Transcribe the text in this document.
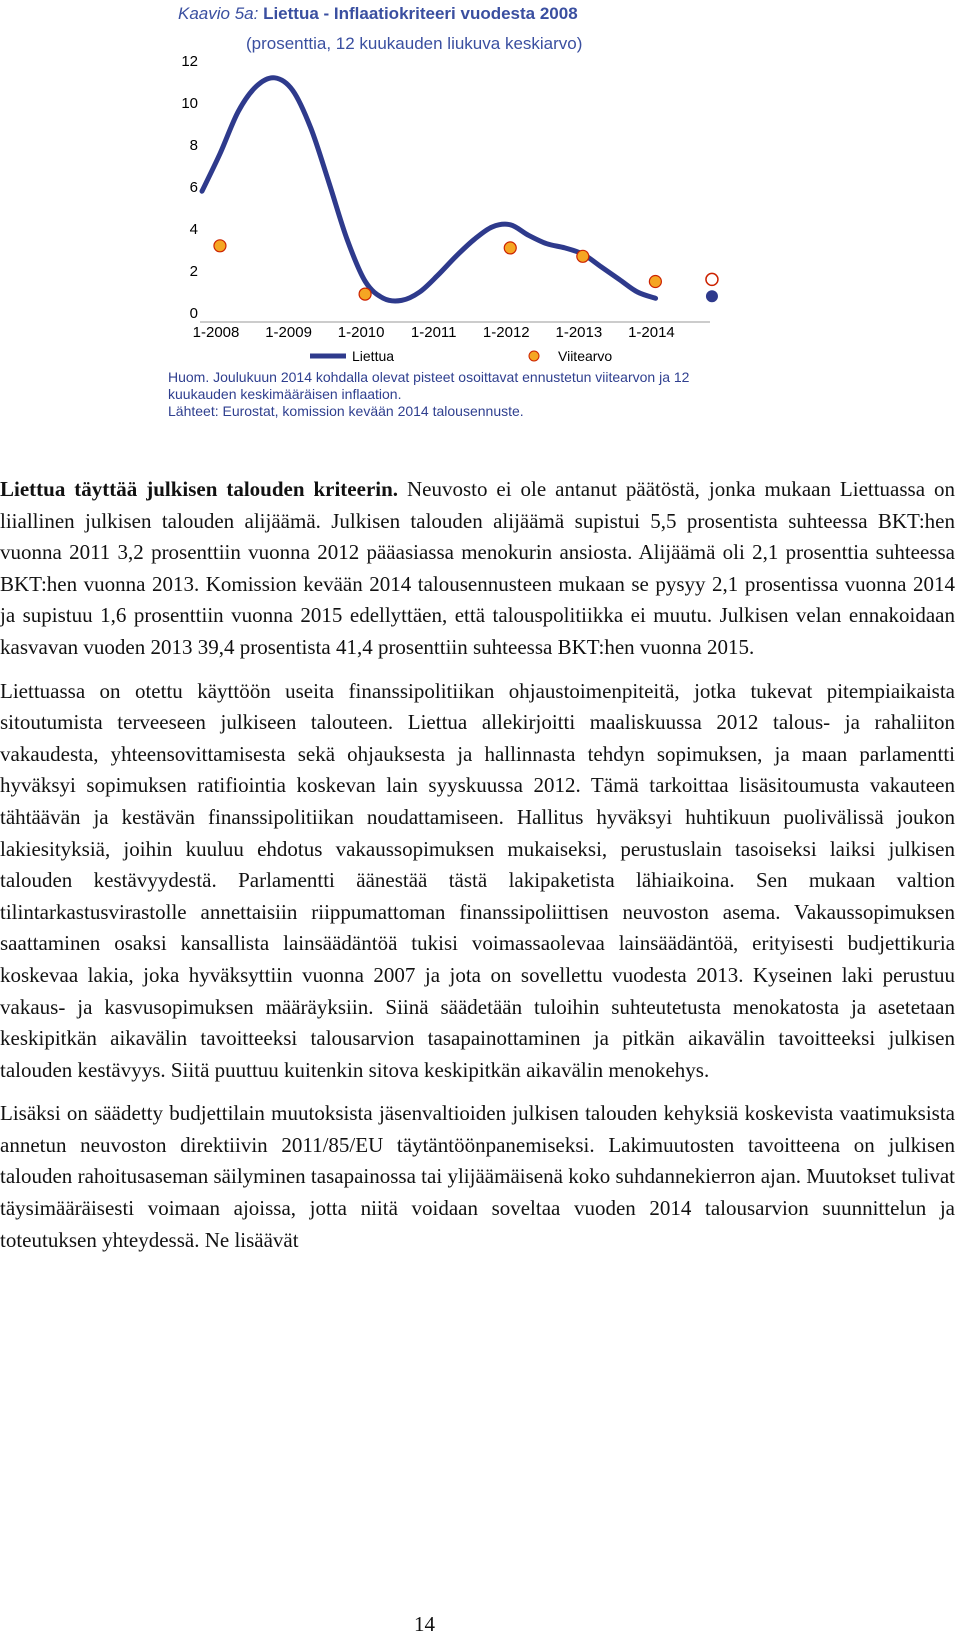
Kaavio 5a: Liettua - Inflaatiokriteeri vuodesta 2008
(prosenttia, 12 kuukauden liukuva keskiarvo)
0
2
4
6
8
10
12
1-2008 1-2009 1-2010 1-2011 1-2012 1-2013 1-2014
Liettua	Viitearvo
Huom. Joulukuun 2014 kohdalla olevat pisteet osoittavat ennustetun viitearvon ja 12 kuukauden keskimääräisen inflaation.
Lähteet: Eurostat, komission kevään 2014 talousennuste.

Liettua täyttää julkisen talouden kriteerin. Neuvosto ei ole antanut päätöstä, jonka mukaan Liettuassa on liiallinen julkisen talouden alijäämä. Julkisen talouden alijäämä supistui 5,5 prosentista suhteessa BKT:hen vuonna 2011 3,2 prosenttiin vuonna 2012 pääasiassa menokurin ansiosta. Alijäämä oli 2,1 prosenttia suhteessa BKT:hen vuonna 2013. Komission kevään 2014 talousennusteen mukaan se pysyy 2,1 prosentissa vuonna 2014 ja supistuu 1,6 prosenttiin vuonna 2015 edellyttäen, että talouspolitiikka ei muutu. Julkisen velan ennakoidaan kasvavan vuoden 2013 39,4 prosentista 41,4 prosenttiin suhteessa BKT:hen vuonna 2015.

Liettuassa on otettu käyttöön useita finanssipolitiikan ohjaustoimenpiteitä, jotka tukevat pitempiaikaista sitoutumista terveeseen julkiseen talouteen. Liettua allekirjoitti maaliskuussa 2012 talous- ja rahaliiton vakaudesta, yhteensovittamisesta sekä ohjauksesta ja hallinnasta tehdyn sopimuksen, ja maan parlamentti hyväksyi sopimuksen ratifiointia koskevan lain syyskuussa 2012. Tämä tarkoittaa lisäsitoumusta vakauteen tähtäävän ja kestävän finanssipolitiikan noudattamiseen. Hallitus hyväksyi huhtikuun puolivälissä joukon lakiesityksiä, joihin kuuluu ehdotus vakaussopimuksen mukaiseksi, perustuslain tasoiseksi laiksi julkisen talouden kestävyydestä. Parlamentti äänestää tästä lakipaketista lähiaikoina. Sen mukaan valtion tilintarkastusvirastolle annettaisiin riippumattoman finanssipoliittisen neuvoston asema. Vakaussopimuksen saattaminen osaksi kansallista lainsäädäntöä tukisi voimassaolevaa lainsäädäntöä, erityisesti budjettikuria koskevaa lakia, joka hyväksyttiin vuonna 2007 ja jota on sovellettu vuodesta 2013. Kyseinen laki perustuu vakaus- ja kasvusopimuksen määräyksiin. Siinä säädetään tuloihin suhteutetusta menokatosta ja asetetaan keskipitkän aikavälin tavoitteeksi talousarvion tasapainottaminen ja pitkän aikavälin tavoitteeksi julkisen talouden kestävyys. Siitä puuttuu kuitenkin sitova keskipitkän aikavälin menokehys.

Lisäksi on säädetty budjettilain muutoksista jäsenvaltioiden julkisen talouden kehyksiä koskevista vaatimuksista annetun neuvoston direktiivin 2011/85/EU täytäntöönpanemiseksi. Lakimuutosten tavoitteena on julkisen talouden rahoitusaseman säilyminen tasapainossa tai ylijäämäisenä koko suhdannekierron ajan. Muutokset tulivat täysimääräisesti voimaan ajoissa, jotta niitä voidaan soveltaa vuoden 2014 talousarvion suunnittelun ja toteutuksen yhteydessä. Ne lisäävät

14
